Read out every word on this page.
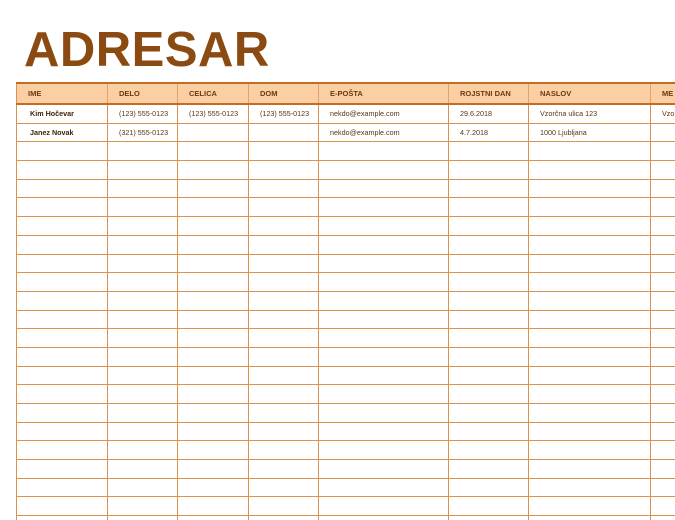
ADRESAR
IME	DELO	CELICA	DOM	E-POŠTA	ROJSTNI DAN	NASLOV	ME
Kim Hočevar	(123) 555-0123	(123) 555-0123	(123) 555-0123	nekdo@example.com	29.6.2018	Vzorčna ulica 123	Vzo
Janez Novak	(321) 555-0123			nekdo@example.com	4.7.2018	1000 Ljubljana	
